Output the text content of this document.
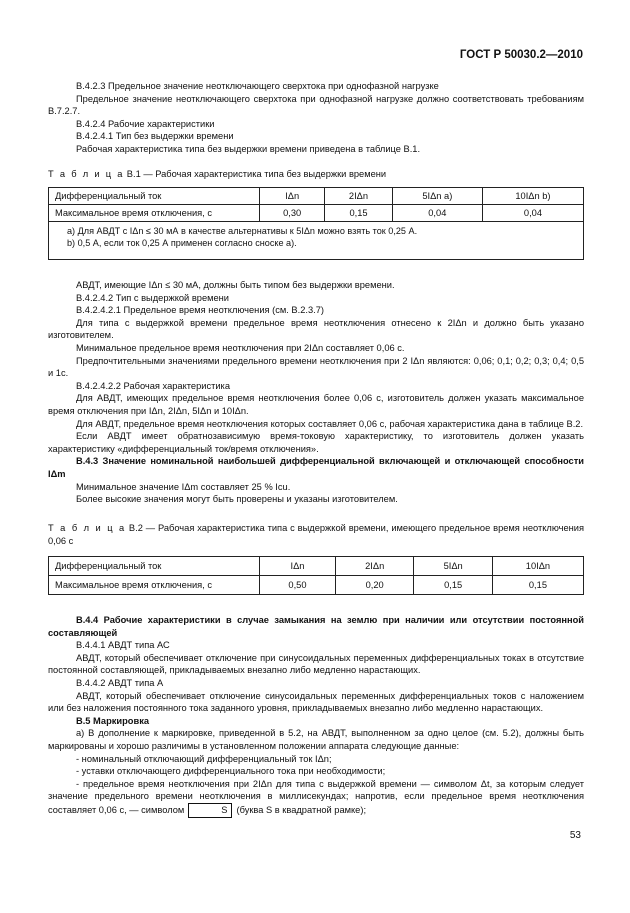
ГОСТ Р 50030.2—2010

В.4.2.3 Предельное значение неотключающего сверхтока при однофазной нагрузке

Предельное значение неотключающего сверхтока при однофазной нагрузке должно соответствовать требованиям В.7.2.7.

В.4.2.4 Рабочие характеристики

В.4.2.4.1 Тип без выдержки времени

Рабочая характеристика типа без выдержки времени приведена в таблице В.1.

Т а б л и ц а В.1 — Рабочая характеристика типа без выдержки времени

Дифференциальный ток	IΔn	2IΔn	5IΔn a)	10IΔn b)
Максимальное время отключения, с	0,30	0,15	0,04	0,04
a) Для АВДТ с IΔn ≤ 30 мА в качестве альтернативы к 5IΔn можно взять ток 0,25 А.
b) 0,5 А, если ток 0,25 А применен согласно сноске а).

АВДТ, имеющие IΔn ≤ 30 мА, должны быть типом без выдержки времени.

В.4.2.4.2 Тип с выдержкой времени

В.4.2.4.2.1 Предельное время неотключения (см. В.2.3.7)

Для типа с выдержкой времени предельное время неотключения отнесено к 2IΔn и должно быть указано изготовителем.

Минимальное предельное время неотключения при 2IΔn составляет 0,06 с.

Предпочтительными значениями предельного времени неотключения при 2 IΔn являются: 0,06; 0,1; 0,2; 0,3; 0,4; 0,5 и 1с.

В.4.2.4.2.2 Рабочая характеристика

Для АВДТ, имеющих предельное время неотключения более 0,06 с, изготовитель должен указать максимальное время отключения при IΔn, 2IΔn, 5IΔn и 10IΔn.

Для АВДТ, предельное время неотключения которых составляет 0,06 с, рабочая характеристика дана в таблице В.2.

Если АВДТ имеет обратнозависимую время-токовую характеристику, то изготовитель должен указать характеристику «дифференциальный ток/время отключения».

В.4.3 Значение номинальной наибольшей дифференциальной включающей и отключающей способности IΔm

Минимальное значение IΔm составляет 25 % Icu.

Более высокие значения могут быть проверены и указаны изготовителем.

Т а б л и ц а В.2 — Рабочая характеристика типа с выдержкой времени, имеющего предельное время неотключения 0,06 с

Дифференциальный ток	IΔn	2IΔn	5IΔn	10IΔn
Максимальное время отключения, с	0,50	0,20	0,15	0,15

В.4.4 Рабочие характеристики в случае замыкания на землю при наличии или отсутствии постоянной составляющей

В.4.4.1 АВДТ типа АС

АВДТ, который обеспечивает отключение при синусоидальных переменных дифференциальных токах в отсутствие постоянной составляющей, прикладываемых внезапно либо медленно нарастающих.

В.4.4.2 АВДТ типа А

АВДТ, который обеспечивает отключение синусоидальных переменных дифференциальных токов с наложением или без наложения постоянного тока заданного уровня, прикладываемых внезапно либо медленно нарастающих.

В.5 Маркировка

а) В дополнение к маркировке, приведенной в 5.2, на АВДТ, выполненном за одно целое (см. 5.2), должны быть маркированы и хорошо различимы в установленном положении аппарата следующие данные:

- номинальный отключающий дифференциальный ток IΔn;

- уставки отключающего дифференциального тока при необходимости;

- предельное время неотключения при 2IΔn для типа с выдержкой времени — символом Δt, за которым следует значение предельного времени неотключения в миллисекундах; напротив, если предельное время неотключения составляет 0,06 с, — символом	S (буква S в квадратной рамке);

53
